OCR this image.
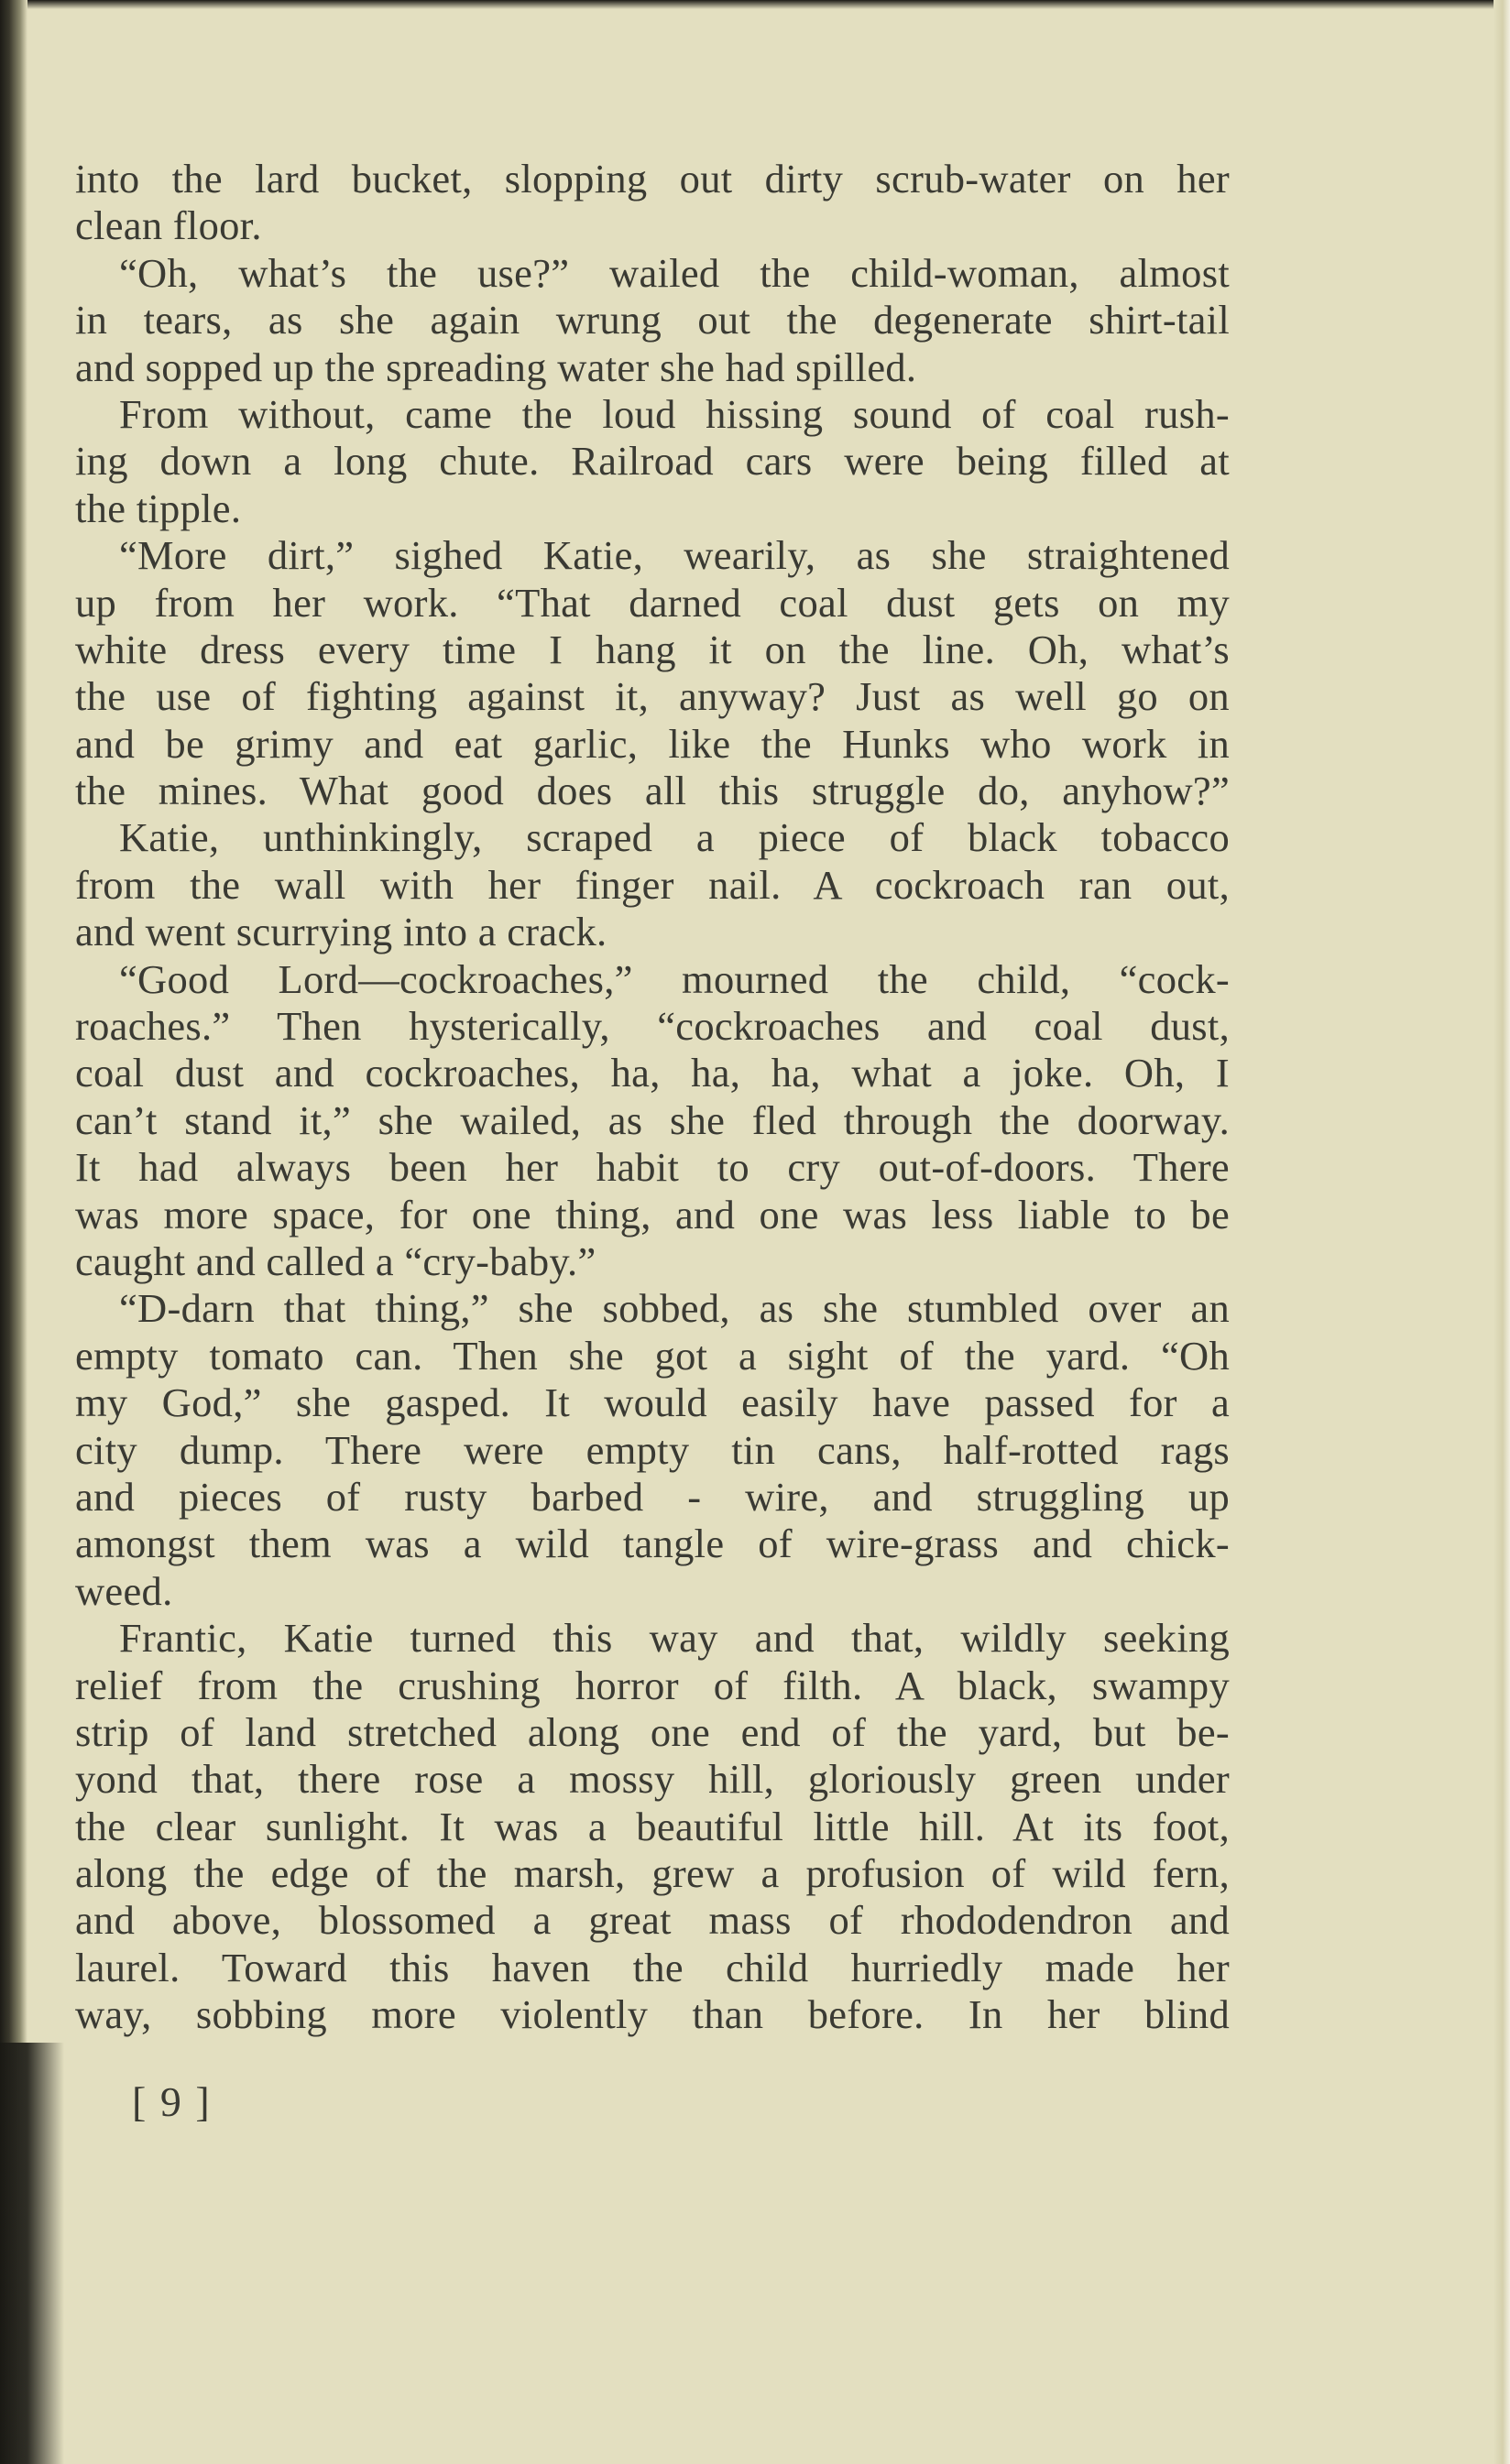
into the lard bucket, slopping out dirty scrub-water on her
clean floor.
“Oh, what’s the use?” wailed the child-woman, almost
in tears, as she again wrung out the degenerate shirt-tail
and sopped up the spreading water she had spilled.
From without, came the loud hissing sound of coal rush-
ing down a long chute. Railroad cars were being filled at
the tipple.
“More dirt,” sighed Katie, wearily, as she straightened
up from her work. “That darned coal dust gets on my
white dress every time I hang it on the line. Oh, what’s
the use of fighting against it, anyway? Just as well go on
and be grimy and eat garlic, like the Hunks who work in
the mines. What good does all this struggle do, anyhow?”
Katie, unthinkingly, scraped a piece of black tobacco
from the wall with her finger nail. A cockroach ran out,
and went scurrying into a crack.
“Good Lord—cockroaches,” mourned the child, “cock-
roaches.” Then hysterically, “cockroaches and coal dust,
coal dust and cockroaches, ha, ha, ha, what a joke. Oh, I
can’t stand it,” she wailed, as she fled through the doorway.
It had always been her habit to cry out-of-doors. There
was more space, for one thing, and one was less liable to be
caught and called a “cry-baby.”
“D-darn that thing,” she sobbed, as she stumbled over an
empty tomato can. Then she got a sight of the yard. “Oh
my God,” she gasped. It would easily have passed for a
city dump. There were empty tin cans, half-rotted rags
and pieces of rusty barbed - wire, and struggling up
amongst them was a wild tangle of wire-grass and chick-
weed.
Frantic, Katie turned this way and that, wildly seeking
relief from the crushing horror of filth. A black, swampy
strip of land stretched along one end of the yard, but be-
yond that, there rose a mossy hill, gloriously green under
the clear sunlight. It was a beautiful little hill. At its foot,
along the edge of the marsh, grew a profusion of wild fern,
and above, blossomed a great mass of rhododendron and
laurel. Toward this haven the child hurriedly made her
way, sobbing more violently than before. In her blind
[ 9 ]
